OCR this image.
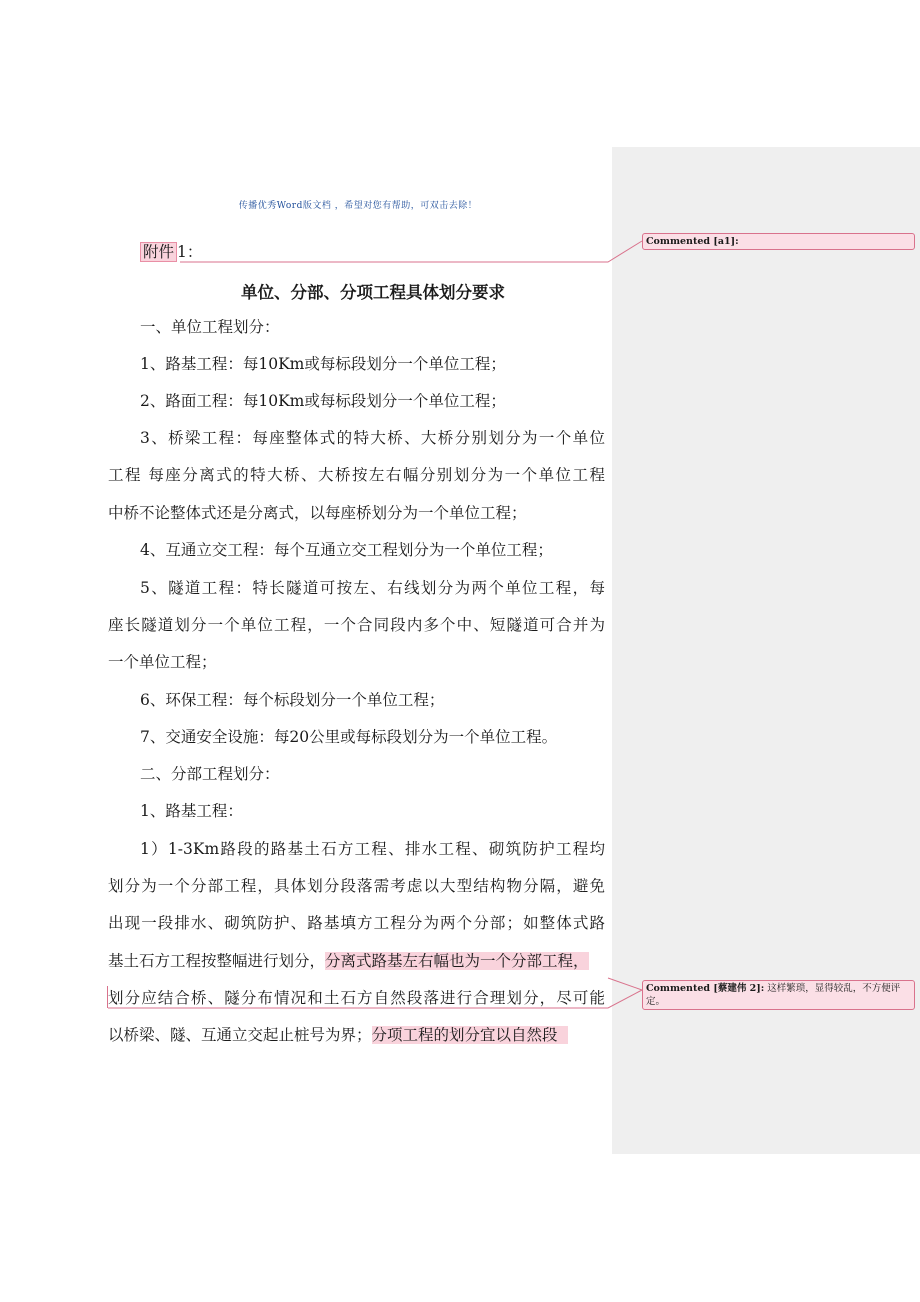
传播优秀Word版文档 ，希望对您有帮助，可双击去除！
附件 1：
单位、分部、分项工程具体划分要求
一、单位工程划分：
1、路基工程：每10Km或每标段划分一个单位工程；
2、路面工程：每10Km或每标段划分一个单位工程；
3、桥梁工程：每座整体式的特大桥、大桥分别划分为一个单位
工程 每座分离式的特大桥、大桥按左右幅分别划分为一个单位工程
中桥不论整体式还是分离式，以每座桥划分为一个单位工程；
4、互通立交工程：每个互通立交工程划分为一个单位工程；
5、隧道工程：特长隧道可按左、右线划分为两个单位工程，每
座长隧道划分一个单位工程，一个合同段内多个中、短隧道可合并为
一个单位工程；
6、环保工程：每个标段划分一个单位工程；
7、交通安全设施：每20公里或每标段划分为一个单位工程。
二、分部工程划分：
1、路基工程：
1）1-3Km路段的路基土石方工程、排水工程、砌筑防护工程均
划分为一个分部工程，具体划分段落需考虑以大型结构物分隔，避免
出现一段排水、砌筑防护、路基填方工程分为两个分部；如整体式路
基土石方工程按整幅进行划分，分离式路基左右幅也为一个分部工程，
划分应结合桥、隧分布情况和土石方自然段落进行合理划分，尽可能
以桥梁、隧、互通立交起止桩号为界；分项工程的划分宜以自然段
Commented [a1]:
Commented [蔡建伟 2]: 这样繁琐，显得较乱，不方便评定。
